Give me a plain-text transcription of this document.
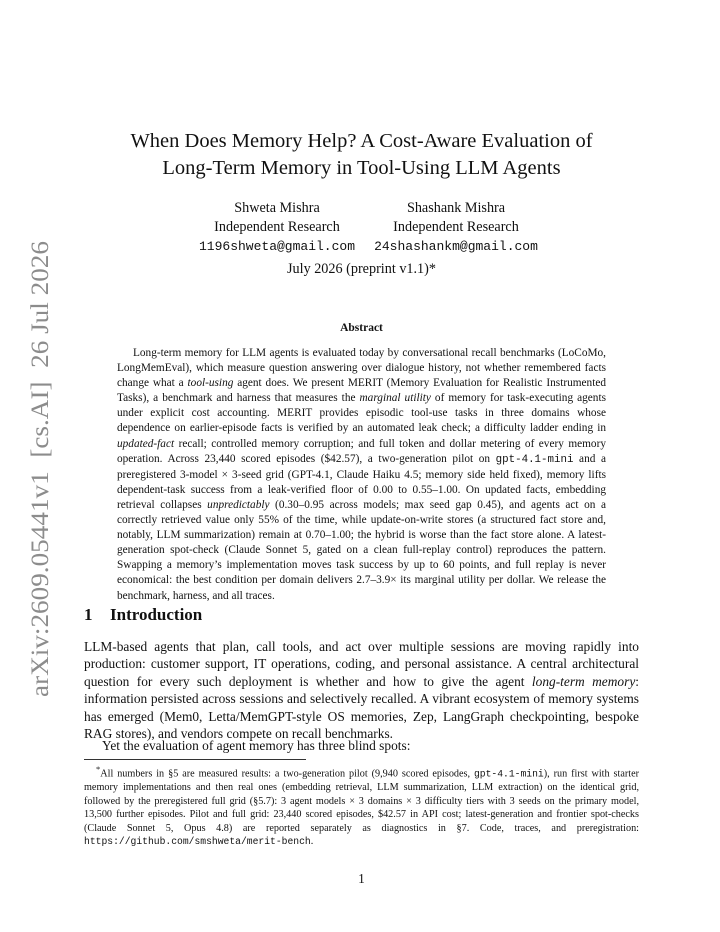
arXiv:2609.05441v1  [cs.AI]  26 Jul 2026
When Does Memory Help? A Cost-Aware Evaluation of
Long-Term Memory in Tool-Using LLM Agents
Shweta Mishra
Independent Research
1196shweta@gmail.com
Shashank Mishra
Independent Research
24shashankm@gmail.com
July 2026 (preprint v1.1)*
Abstract

Long-term memory for LLM agents is evaluated today by conversational recall benchmarks (LoCoMo, LongMemEval), which measure question answering over dialogue history, not whether remembered facts change what a tool-using agent does. We present MERIT (Memory Evaluation for Realistic Instrumented Tasks), a benchmark and harness that measures the marginal utility of memory for task-executing agents under explicit cost accounting. MERIT provides episodic tool-use tasks in three domains whose dependence on earlier-episode facts is verified by an automated leak check; a difficulty ladder ending in updated-fact recall; controlled memory corruption; and full token and dollar metering of every memory operation. Across 23,440 scored episodes ($42.57), a two-generation pilot on gpt-4.1-mini and a preregistered 3-model × 3-seed grid (GPT-4.1, Claude Haiku 4.5; memory side held fixed), memory lifts dependent-task success from a leak-verified floor of 0.00 to 0.55–1.00. On updated facts, embedding retrieval collapses unpredictably (0.30–0.95 across models; max seed gap 0.45), and agents act on a correctly retrieved value only 55% of the time, while update-on-write stores (a structured fact store and, notably, LLM summarization) remain at 0.70–1.00; the hybrid is worse than the fact store alone. A latest-generation spot-check (Claude Sonnet 5, gated on a clean full-replay control) reproduces the pattern. Swapping a memory’s implementation moves task success by up to 60 points, and full replay is never economical: the best condition per domain delivers 2.7–3.9× its marginal utility per dollar. We release the benchmark, harness, and all traces.

1 Introduction

LLM-based agents that plan, call tools, and act over multiple sessions are moving rapidly into production: customer support, IT operations, coding, and personal assistance. A central architectural question for every such deployment is whether and how to give the agent long-term memory: information persisted across sessions and selectively recalled. A vibrant ecosystem of memory systems has emerged (Mem0, Letta/MemGPT-style OS memories, Zep, LangGraph checkpointing, bespoke RAG stores), and vendors compete on recall benchmarks.

Yet the evaluation of agent memory has three blind spots:

*All numbers in §5 are measured results: a two-generation pilot (9,940 scored episodes, gpt-4.1-mini), run first with starter memory implementations and then real ones (embedding retrieval, LLM summarization, LLM extraction) on the identical grid, followed by the preregistered full grid (§5.7): 3 agent models × 3 domains × 3 difficulty tiers with 3 seeds on the primary model, 13,500 further episodes. Pilot and full grid: 23,440 scored episodes, $42.57 in API cost; latest-generation and frontier spot-checks (Claude Sonnet 5, Opus 4.8) are reported separately as diagnostics in §7. Code, traces, and preregistration: https://github.com/smshweta/merit-bench.

1
